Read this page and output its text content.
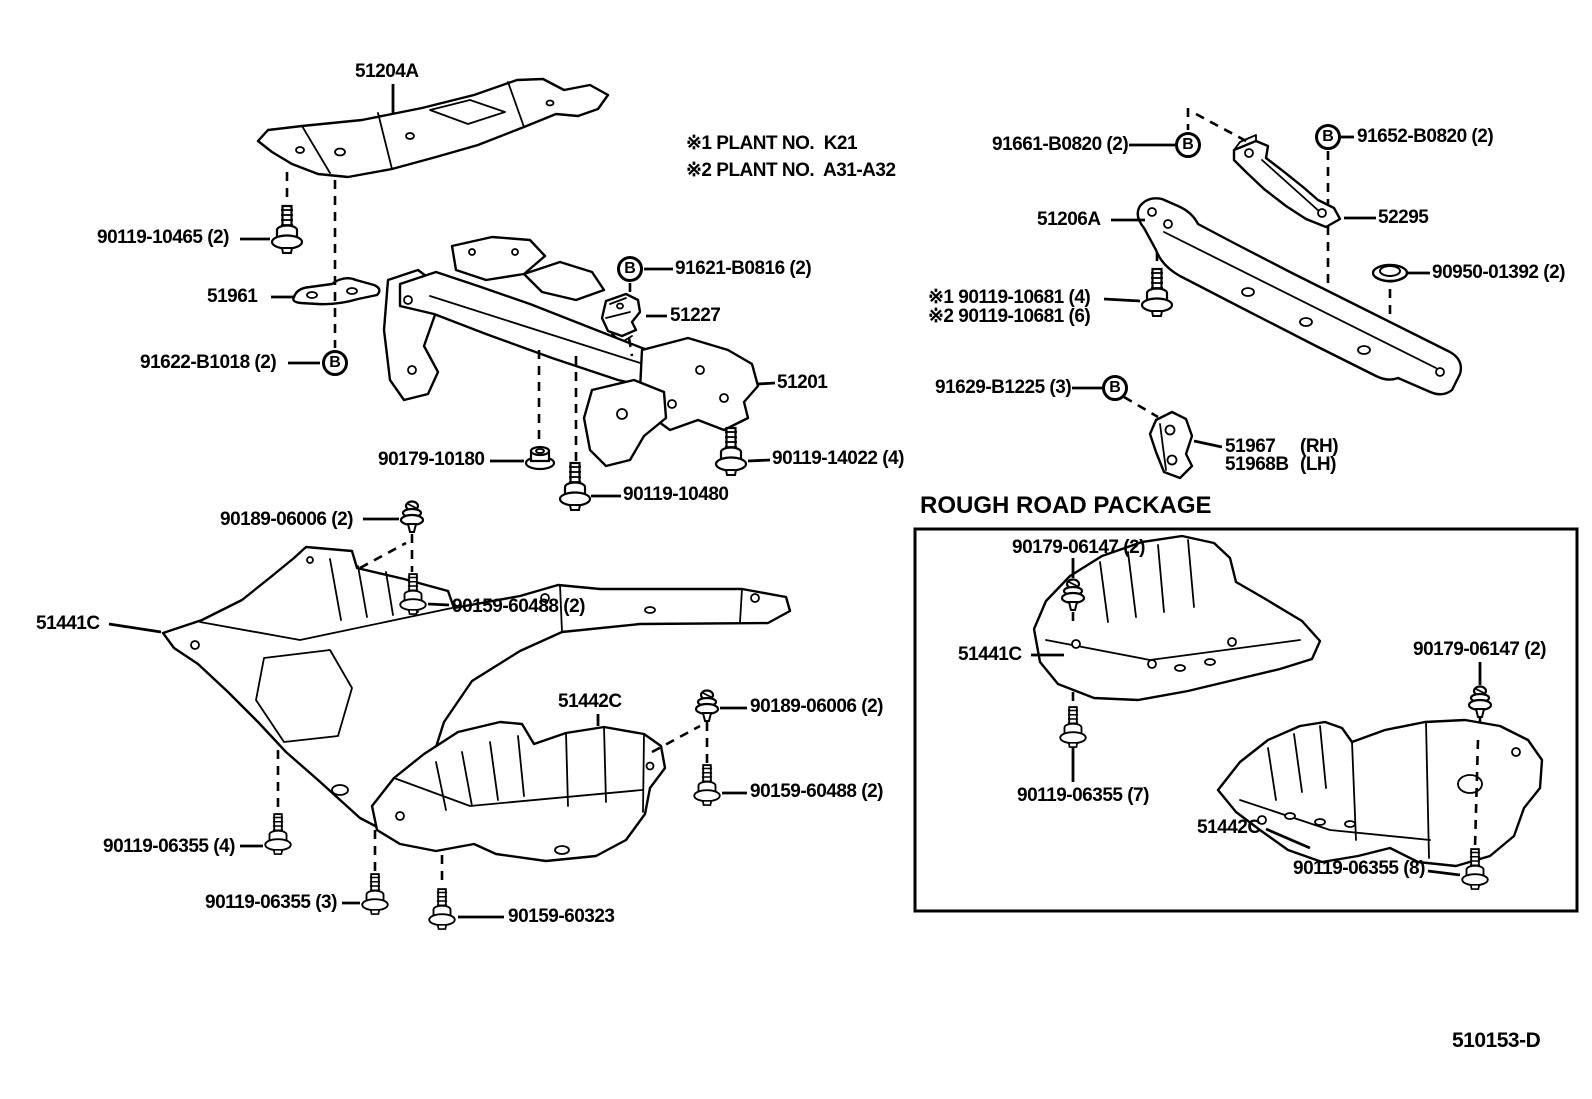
B
B
B	B
B
※1 PLANT NO.  K21
※2 PLANT NO.  A31-A32
51204A
90119-10465 (2)
51961
91622-B1018 (2)
91621-B0816 (2)
51227
51201
90179-10180	90119-14022 (4)
90119-10480
90189-06006 (2)
90159-60488 (2)
51441C
51442C	90189-06006 (2)
90159-60488 (2)
90119-06355 (4)
90119-06355 (3)
90159-60323
91661-B0820 (2)	91652-B0820 (2)
51206A	52295
90950-01392 (2)
※1 90119-10681 (4)
※2 90119-10681 (6)
91629-B1225 (3)
51967 (RH)
51968B (LH)
ROUGH ROAD PACKAGE
90179-06147 (2)
51441C	90179-06147 (2)
90119-06355 (7)
51442C
90119-06355 (8)
510153-D
